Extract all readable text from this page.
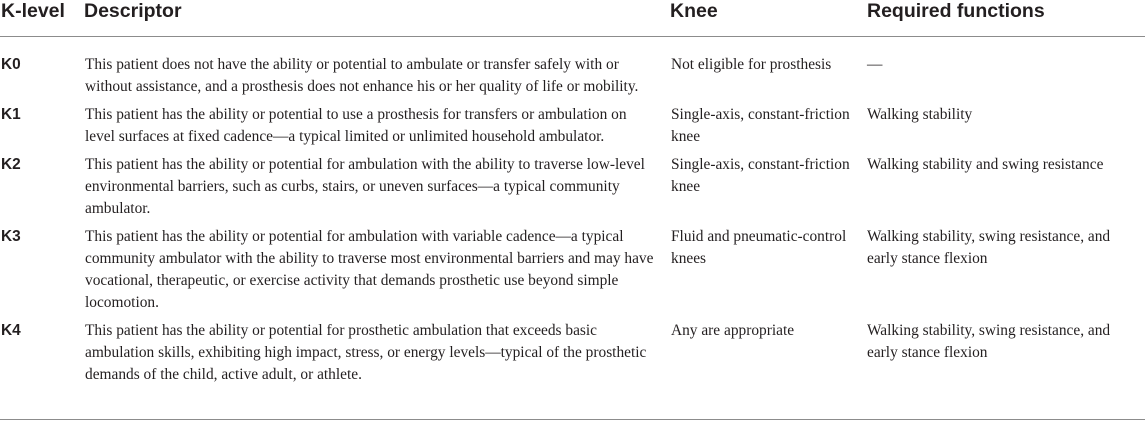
K-level	Descriptor	Knee	Required functions
K0	This patient does not have the ability or potential to ambulate or transfer safely with or without assistance, and a prosthesis does not enhance his or her quality of life or mobility.	Not eligible for prosthesis	—
K1	This patient has the ability or potential to use a prosthesis for transfers or ambulation on level surfaces at fixed cadence—a typical limited or unlimited household ambulator.	Single-axis, constant-friction knee	Walking stability
K2	This patient has the ability or potential for ambulation with the ability to traverse low-level environmental barriers, such as curbs, stairs, or uneven surfaces—a typical community ambulator.	Single-axis, constant-friction knee	Walking stability and swing resistance
K3	This patient has the ability or potential for ambulation with variable cadence—a typical community ambulator with the ability to traverse most environmental barriers and may have vocational, therapeutic, or exercise activity that demands prosthetic use beyond simple locomotion.	Fluid and pneumatic-control knees	Walking stability, swing resistance, and early stance flexion
K4	This patient has the ability or potential for prosthetic ambulation that exceeds basic ambulation skills, exhibiting high impact, stress, or energy levels—typical of the prosthetic demands of the child, active adult, or athlete.	Any are appropriate	Walking stability, swing resistance, and early stance flexion
